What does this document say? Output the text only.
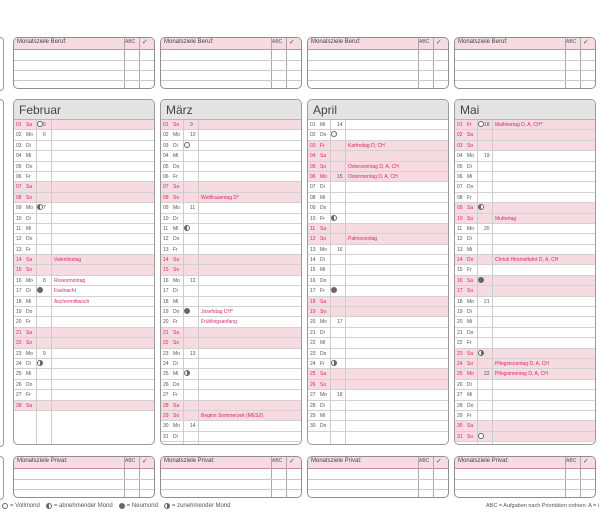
Monatsziele Beruf:	ABC ✓	Monatsziele Beruf:	ABC ✓	Monatsziele Beruf:	ABC ✓	Monatsziele Beruf:	ABC ✓
Februar
01 Sa	5
02 Mo	6
03 Di
04 Mi
05 Do
06 Fr
07 Sa
08 So
09 Mo	7
10 Di
11 Mi
12 Do
13 Fr
14 Sa	Valentinstag
15 So
16 Mo	8 Rosenmontag
17 Di	Fastnacht
18 Mi	Aschermittwoch
19 Do
20 Fr
21 Sa
22 So
23 Mo	9
24 Di
25 Mi
26 Do
27 Fr
28 Sa
März
01 So	9
02 Mo	10
03 Di
04 Mi
05 Do
06 Fr
07 Sa
08 So	Weltfrauentag D*
09 Mo	11
10 Di
11 Mi
12 Do
13 Fr
14 Sa
15 So
16 Mo	12
17 Di
18 Mi
19 Do	Josefstag CH*
20 Fr	Frühlingsanfang
21 Sa
22 So
23 Mo	13
24 Di
25 Mi
26 Do
27 Fr
28 Sa
29 So	Beginn Sommerzeit (MESZ)
30 Mo	14
31 Di
April
01 Mi	14
02 Do
03 Fr	Karfreitag D, CH
04 Sa
05 So	Ostersonntag D, A, CH
06 Mo	15 Ostermontag D, A, CH
07 Di
08 Mi
09 Do
10 Fr
11 Sa
12 So	Palmsonntag
13 Mo	16
14 Di
15 Mi
16 Do
17 Fr
18 Sa
19 So
20 Mo	17
21 Di
22 Mi
23 Do
24 Fr
25 Sa
26 So
27 Mo	18
28 Di
29 Mi
30 Do
Mai
01 Fr	18 Maifeiertag D, A, CH*
02 Sa
03 So
04 Mo	19
05 Di
06 Mi
07 Do
08 Fr
09 Sa
10 So	Muttertag
11 Mo	20
12 Di
13 Mi
14 Do	Christi Himmelfahrt D, A, CH
15 Fr
16 Sa
17 So
18 Mo	21
19 Di
20 Mi
21 Do
22 Fr
23 Sa
24 So	Pfingstsonntag D, A, CH
25 Mo	22 Pfingstmontag D, A, CH
26 Di
27 Mi
28 Do
29 Fr
30 Sa
31 So
Monatsziele Privat:	ABC ✓	Monatsziele Privat:	ABC ✓	Monatsziele Privat:	ABC ✓	Monatsziele Privat:	ABC ✓
= Vollmond = abnehmender Mond = Neumond = zunehmender Mond	ABC = Aufgaben nach Prioritäten ordnen: A = i
